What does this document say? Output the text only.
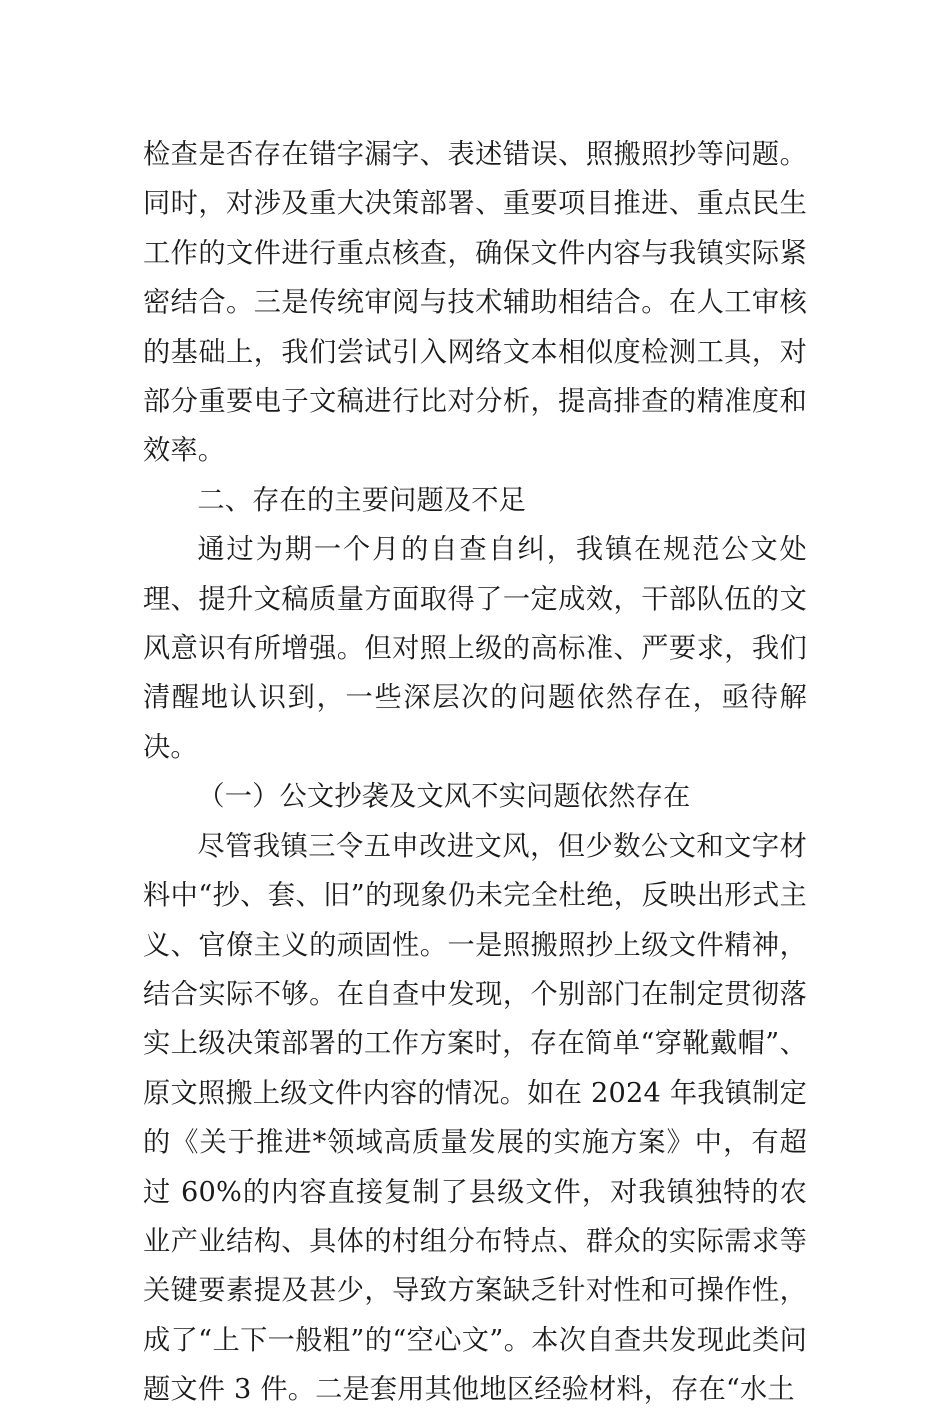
检查是否存在错字漏字、表述错误、照搬照抄等问题。同时，对涉及重大决策部署、重要项目推进、重点民生工作的文件进行重点核查，确保文件内容与我镇实际紧密结合。三是传统审阅与技术辅助相结合。在人工审核的基础上，我们尝试引入网络文本相似度检测工具，对部分重要电子文稿进行比对分析，提高排查的精准度和效率。

二、存在的主要问题及不足

通过为期一个月的自查自纠，我镇在规范公文处理、提升文稿质量方面取得了一定成效，干部队伍的文风意识有所增强。但对照上级的高标准、严要求，我们清醒地认识到，一些深层次的问题依然存在，亟待解决。

（一）公文抄袭及文风不实问题依然存在

尽管我镇三令五申改进文风，但少数公文和文字材料中“抄、套、旧”的现象仍未完全杜绝，反映出形式主义、官僚主义的顽固性。一是照搬照抄上级文件精神，结合实际不够。在自查中发现，个别部门在制定贯彻落实上级决策部署的工作方案时，存在简单“穿靴戴帽”、原文照搬上级文件内容的情况。如在 2024 年我镇制定的《关于推进*领域高质量发展的实施方案》中，有超过 60%的内容直接复制了县级文件，对我镇独特的农业产业结构、具体的村组分布特点、群众的实际需求等关键要素提及甚少，导致方案缺乏针对性和可操作性，成了“上下一般粗”的“空心文”。本次自查共发现此类问题文件 3 件。二是套用其他地区经验材料，存在“水土
